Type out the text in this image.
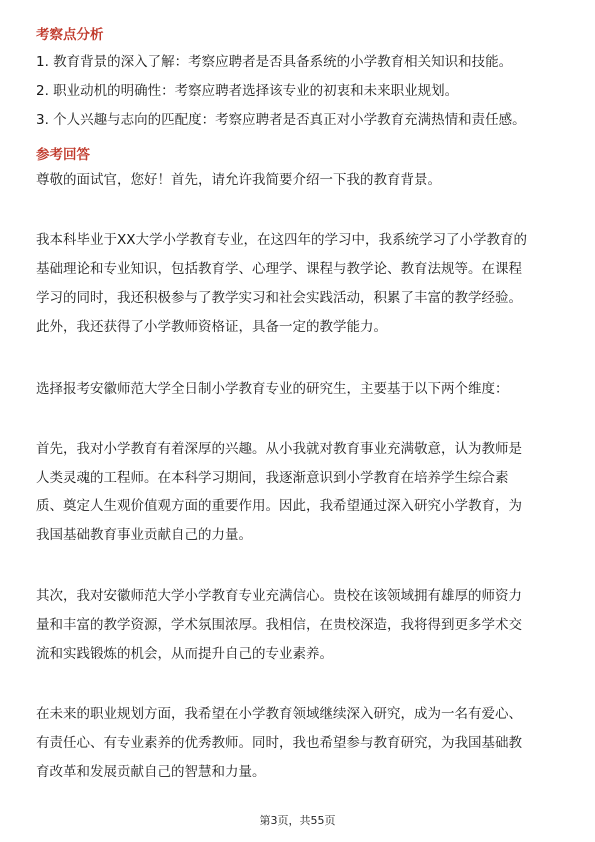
考察点分析
1. 教育背景的深入了解：考察应聘者是否具备系统的小学教育相关知识和技能。
2. 职业动机的明确性：考察应聘者选择该专业的初衷和未来职业规划。
3. 个人兴趣与志向的匹配度：考察应聘者是否真正对小学教育充满热情和责任感。
参考回答
尊敬的面试官，您好！首先，请允许我简要介绍一下我的教育背景。
我本科毕业于XX大学小学教育专业，在这四年的学习中，我系统学习了小学教育的
基础理论和专业知识，包括教育学、心理学、课程与教学论、教育法规等。在课程
学习的同时，我还积极参与了教学实习和社会实践活动，积累了丰富的教学经验。
此外，我还获得了小学教师资格证，具备一定的教学能力。
选择报考安徽师范大学全日制小学教育专业的研究生，主要基于以下两个维度：
首先，我对小学教育有着深厚的兴趣。从小我就对教育事业充满敬意，认为教师是
人类灵魂的工程师。在本科学习期间，我逐渐意识到小学教育在培养学生综合素
质、奠定人生观价值观方面的重要作用。因此，我希望通过深入研究小学教育，为
我国基础教育事业贡献自己的力量。
其次，我对安徽师范大学小学教育专业充满信心。贵校在该领域拥有雄厚的师资力
量和丰富的教学资源，学术氛围浓厚。我相信，在贵校深造，我将得到更多学术交
流和实践锻炼的机会，从而提升自己的专业素养。
在未来的职业规划方面，我希望在小学教育领域继续深入研究，成为一名有爱心、
有责任心、有专业素养的优秀教师。同时，我也希望参与教育研究，为我国基础教
育改革和发展贡献自己的智慧和力量。
第3页，共55页
